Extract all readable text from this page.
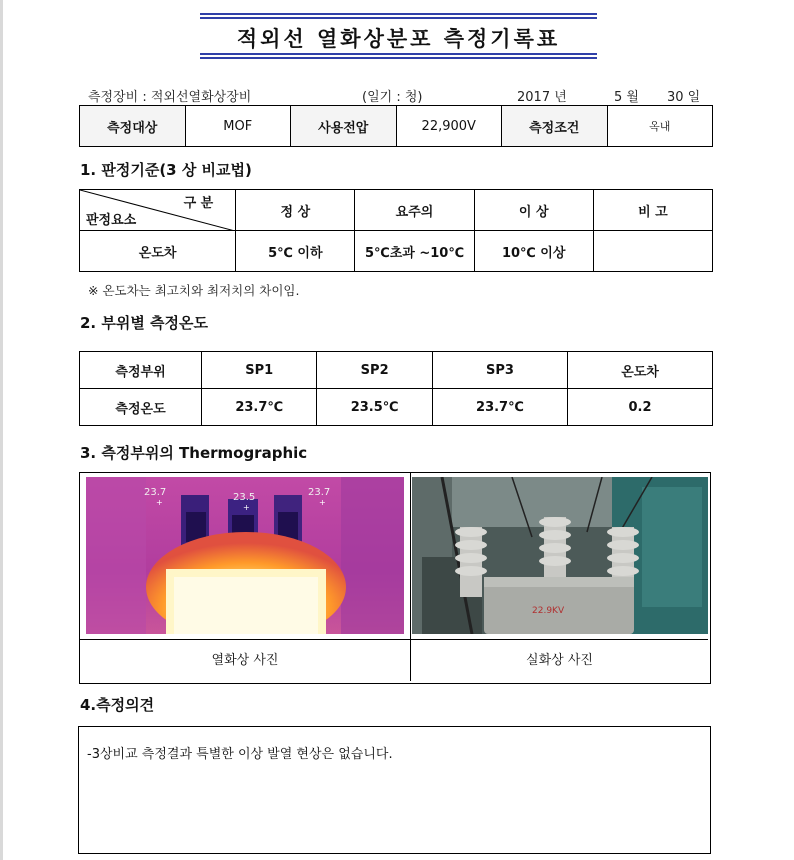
적외선 열화상분포 측정기록표
측정장비 : 적외선열화상장비	(일기 : 청)	2017 년	5 월 30 일
측정대상	MOF	사용전압	22,900V	측정조건	옥내
1. 판정기준(3 상 비교법)
구 분
판정요소	정 상	요주의	이 상	비 고
온도차	5℃ 이하	5℃초과 ~10℃	10℃ 이상	
※ 온도차는 최고치와 최저치의 차이임.
2. 부위별 측정온도
측정부위	SP1	SP2	SP3	온도차
측정온도	23.7℃	23.5℃	23.7℃	0.2
3. 측정부위의 Thermographic
23.7	23.5	23.7
+
+
+
22.9KV
열화상 사진	실화상 사진
4.측정의견
-3상비교 측정결과 특별한 이상 발열 현상은 없습니다.
